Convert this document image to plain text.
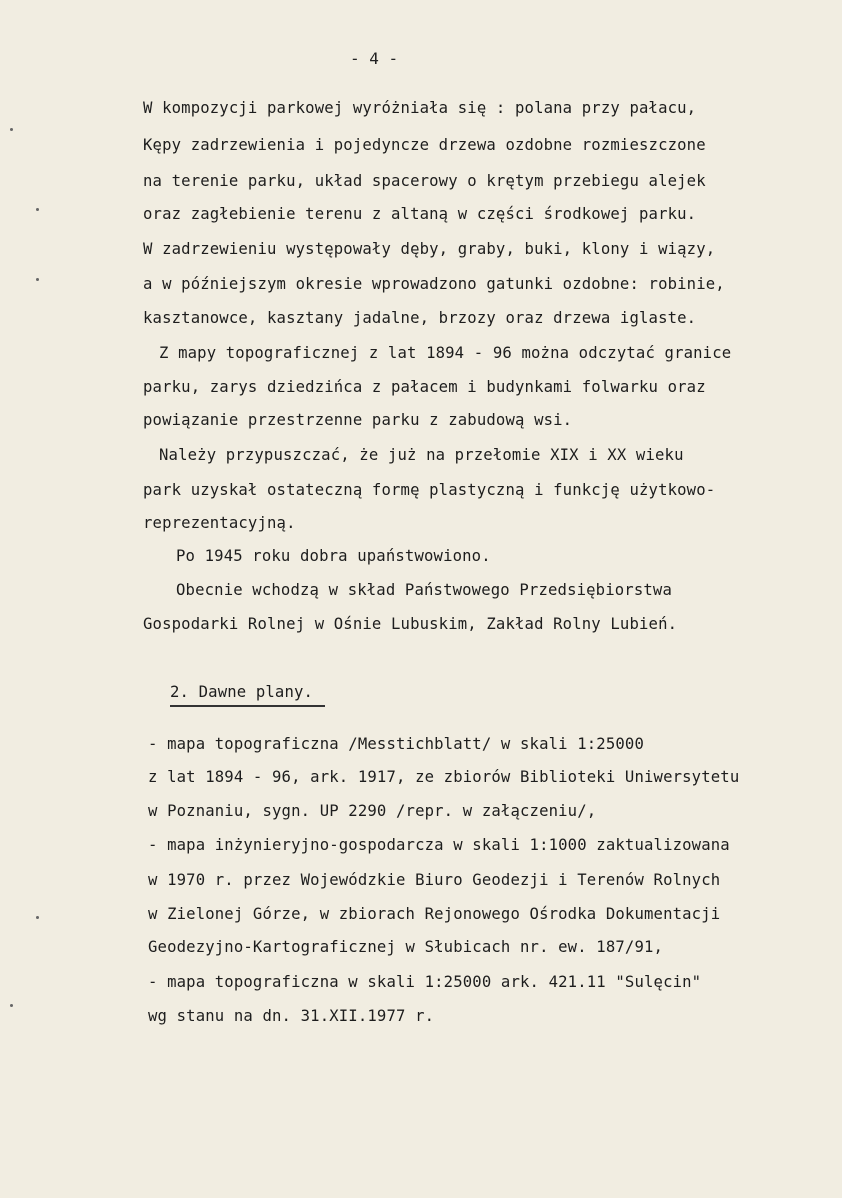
- 4 -
W kompozycji parkowej wyróżniała się : polana przy pałacu,
Kępy zadrzewienia i pojedyncze drzewa ozdobne rozmieszczone
na terenie parku, układ spacerowy o krętym przebiegu alejek
oraz zagłebienie terenu z altaną w części środkowej parku.
W zadrzewieniu występowały dęby, graby, buki, klony i wiązy,
a w późniejszym okresie wprowadzono gatunki ozdobne: robinie,
kasztanowce, kasztany jadalne, brzozy oraz drzewa iglaste.
Z mapy topograficznej z lat 1894 - 96 można odczytać granice
parku, zarys dziedzińca z pałacem i budynkami folwarku oraz
powiązanie przestrzenne parku z zabudową wsi.
Należy przypuszczać, że już na przełomie XIX i XX wieku
park uzyskał ostateczną formę plastyczną i funkcję użytkowo-
reprezentacyjną.
Po 1945 roku dobra upaństwowiono.
Obecnie wchodzą w skład Państwowego Przedsiębiorstwa
Gospodarki Rolnej w Ośnie Lubuskim, Zakład Rolny Lubień.
2. Dawne plany.
- mapa topograficzna /Messtichblatt/ w skali 1:25000
z lat 1894 - 96, ark. 1917, ze zbiorów Biblioteki Uniwersytetu
w Poznaniu, sygn. UP 2290 /repr. w załączeniu/,
- mapa inżynieryjno-gospodarcza w skali 1:1000 zaktualizowana
w 1970 r. przez Wojewódzkie Biuro Geodezji i Terenów Rolnych
w Zielonej Górze, w zbiorach Rejonowego Ośrodka Dokumentacji
Geodezyjno-Kartograficznej w Słubicach nr. ew. 187/91,
- mapa topograficzna w skali 1:25000 ark. 421.11 "Sulęcin"
wg stanu na dn. 31.XII.1977 r.
